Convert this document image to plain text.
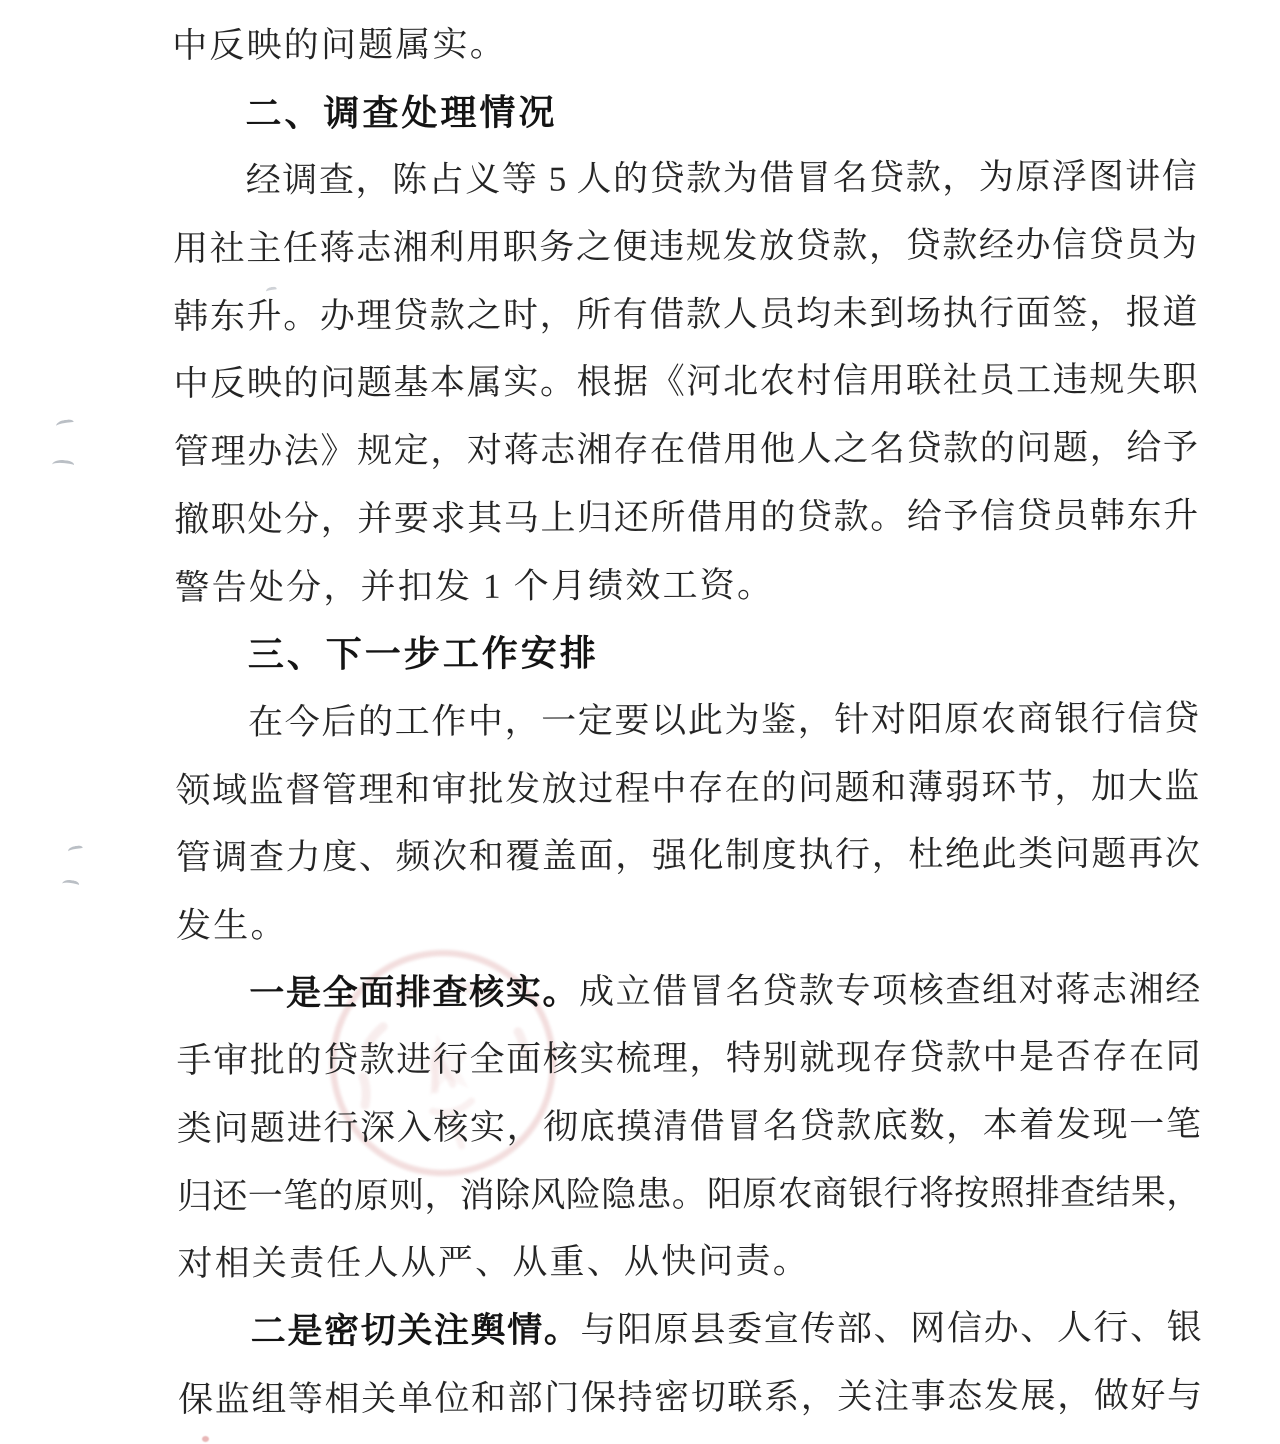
中反映的问题属实。
二、调查处理情况
经调查，陈占义等 5 人的贷款为借冒名贷款，为原浮图讲信
用社主任蒋志湘利用职务之便违规发放贷款，贷款经办信贷员为
韩东升。办理贷款之时，所有借款人员均未到场执行面签，报道
中反映的问题基本属实。根据《河北农村信用联社员工违规失职
管理办法》规定，对蒋志湘存在借用他人之名贷款的问题，给予
撤职处分，并要求其马上归还所借用的贷款。给予信贷员韩东升
警告处分，并扣发 1 个月绩效工资。
三、下一步工作安排
在今后的工作中，一定要以此为鉴，针对阳原农商银行信贷
领域监督管理和审批发放过程中存在的问题和薄弱环节，加大监
管调查力度、频次和覆盖面，强化制度执行，杜绝此类问题再次
发生。
一是全面排查核实。成立借冒名贷款专项核查组对蒋志湘经
手审批的贷款进行全面核实梳理，特别就现存贷款中是否存在同
类问题进行深入核实，彻底摸清借冒名贷款底数，本着发现一笔
归还一笔的原则，消除风险隐患。阳原农商银行将按照排查结果，
对相关责任人从严、从重、从快问责。
二是密切关注舆情。与阳原县委宣传部、网信办、人行、银
保监组等相关单位和部门保持密切联系，关注事态发展，做好与
